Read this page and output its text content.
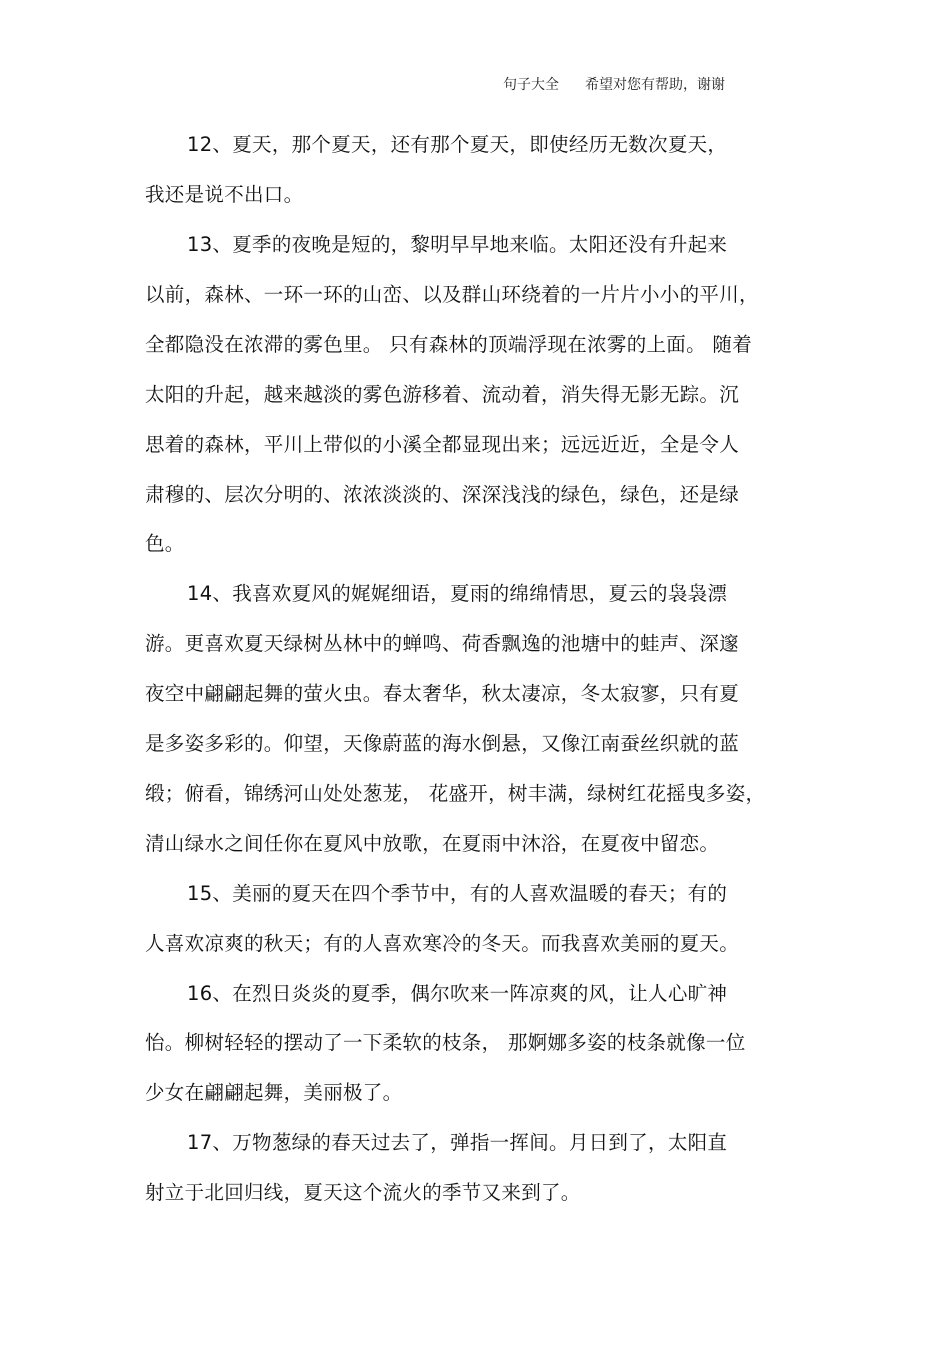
句子大全 希望对您有帮助，谢谢
12、夏天，那个夏天，还有那个夏天，即使经历无数次夏天，
我还是说不出口。
13、夏季的夜晚是短的，黎明早早地来临。太阳还没有升起来
以前，森林、一环一环的山峦、以及群山环绕着的一片片小小的平川，
全都隐没在浓滞的雾色里。 只有森林的顶端浮现在浓雾的上面。 随着
太阳的升起，越来越淡的雾色游移着、流动着，消失得无影无踪。沉
思着的森林，平川上带似的小溪全都显现出来；远远近近，全是令人
肃穆的、层次分明的、浓浓淡淡的、深深浅浅的绿色，绿色，还是绿
色。
14、我喜欢夏风的娓娓细语，夏雨的绵绵情思，夏云的袅袅漂
游。更喜欢夏天绿树丛林中的蝉鸣、荷香飘逸的池塘中的蛙声、深邃
夜空中翩翩起舞的萤火虫。春太奢华，秋太凄凉，冬太寂寥，只有夏
是多姿多彩的。仰望，天像蔚蓝的海水倒悬，又像江南蚕丝织就的蓝
缎；俯看，锦绣河山处处葱茏， 花盛开，树丰满，绿树红花摇曳多姿，
清山绿水之间任你在夏风中放歌，在夏雨中沐浴，在夏夜中留恋。
15、美丽的夏天在四个季节中，有的人喜欢温暖的春天；有的
人喜欢凉爽的秋天；有的人喜欢寒冷的冬天。而我喜欢美丽的夏天。
16、在烈日炎炎的夏季，偶尔吹来一阵凉爽的风，让人心旷神
怡。柳树轻轻的摆动了一下柔软的枝条， 那婀娜多姿的枝条就像一位
少女在翩翩起舞，美丽极了。
17、万物葱绿的春天过去了，弹指一挥间。月日到了，太阳直
射立于北回归线，夏天这个流火的季节又来到了。
